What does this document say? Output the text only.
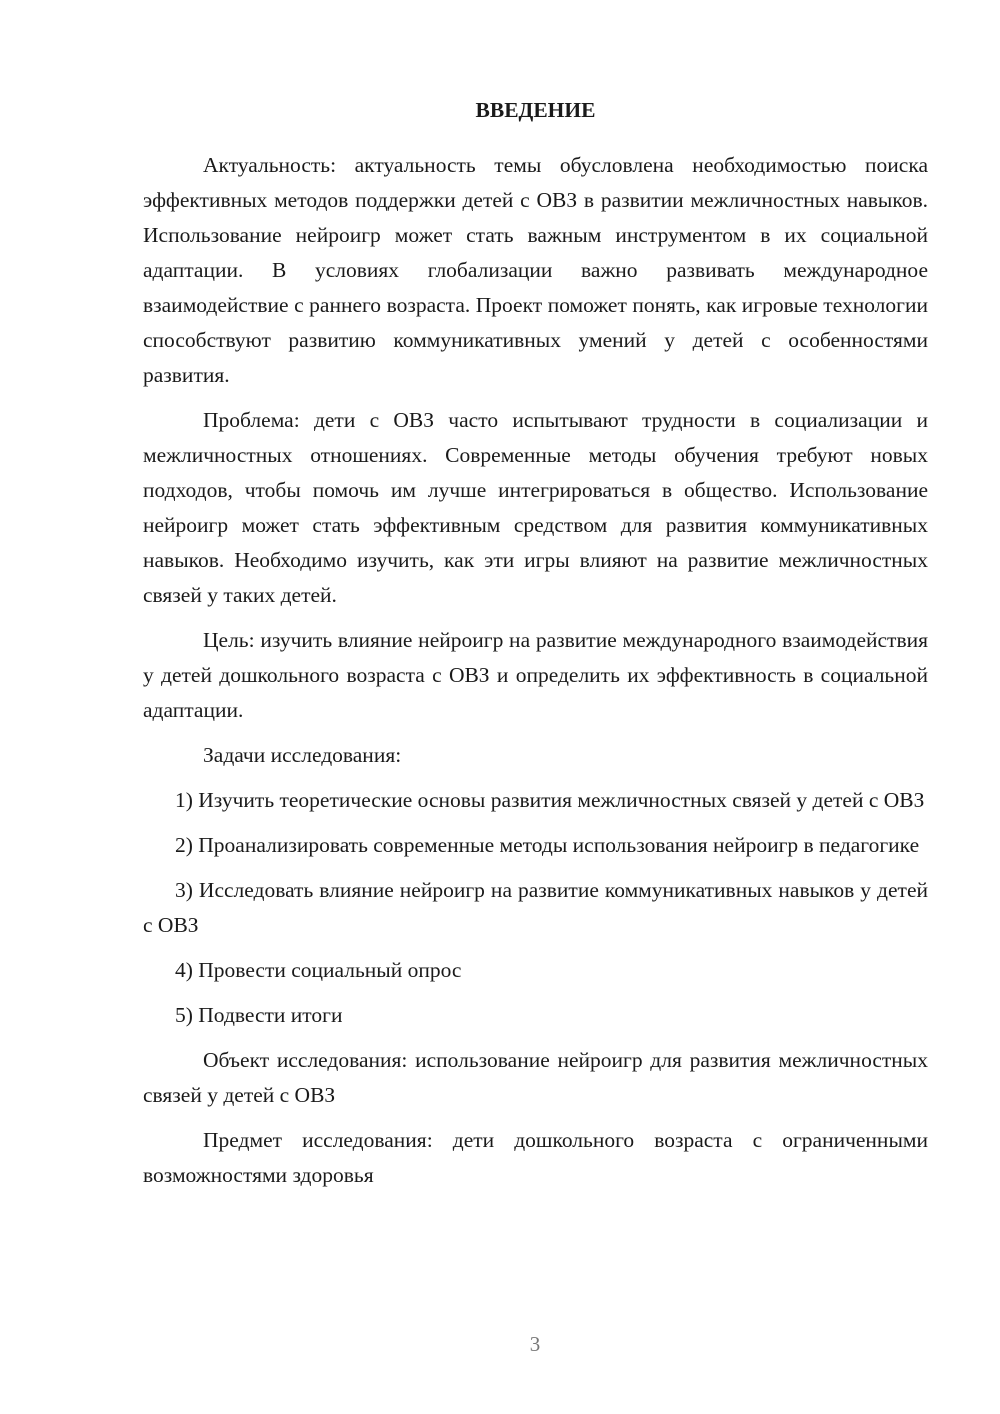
ВВЕДЕНИЕ

Актуальность: актуальность темы обусловлена необходимостью поиска эффективных методов поддержки детей с ОВЗ в развитии межличностных навыков. Использование нейроигр может стать важным инструментом в их социальной адаптации. В условиях глобализации важно развивать международное взаимодействие с раннего возраста. Проект поможет понять, как игровые технологии способствуют развитию коммуникативных умений у детей с особенностями развития.

Проблема: дети с ОВЗ часто испытывают трудности в социализации и межличностных отношениях. Современные методы обучения требуют новых подходов, чтобы помочь им лучше интегрироваться в общество. Использование нейроигр может стать эффективным средством для развития коммуникативных навыков. Необходимо изучить, как эти игры влияют на развитие межличностных связей у таких детей.

Цель: изучить влияние нейроигр на развитие международного взаимодействия у детей дошкольного возраста с ОВЗ и определить их эффективность в социальной адаптации.

Задачи исследования:

1) Изучить теоретические основы развития межличностных связей у детей с ОВЗ

2) Проанализировать современные методы использования нейроигр в педагогике

3) Исследовать влияние нейроигр на развитие коммуникативных навыков у детей с ОВЗ

4) Провести социальный опрос

5) Подвести итоги

Объект исследования: использование нейроигр для развития межличностных связей у детей с ОВЗ

Предмет исследования: дети дошкольного возраста с ограниченными возможностями здоровья

3
